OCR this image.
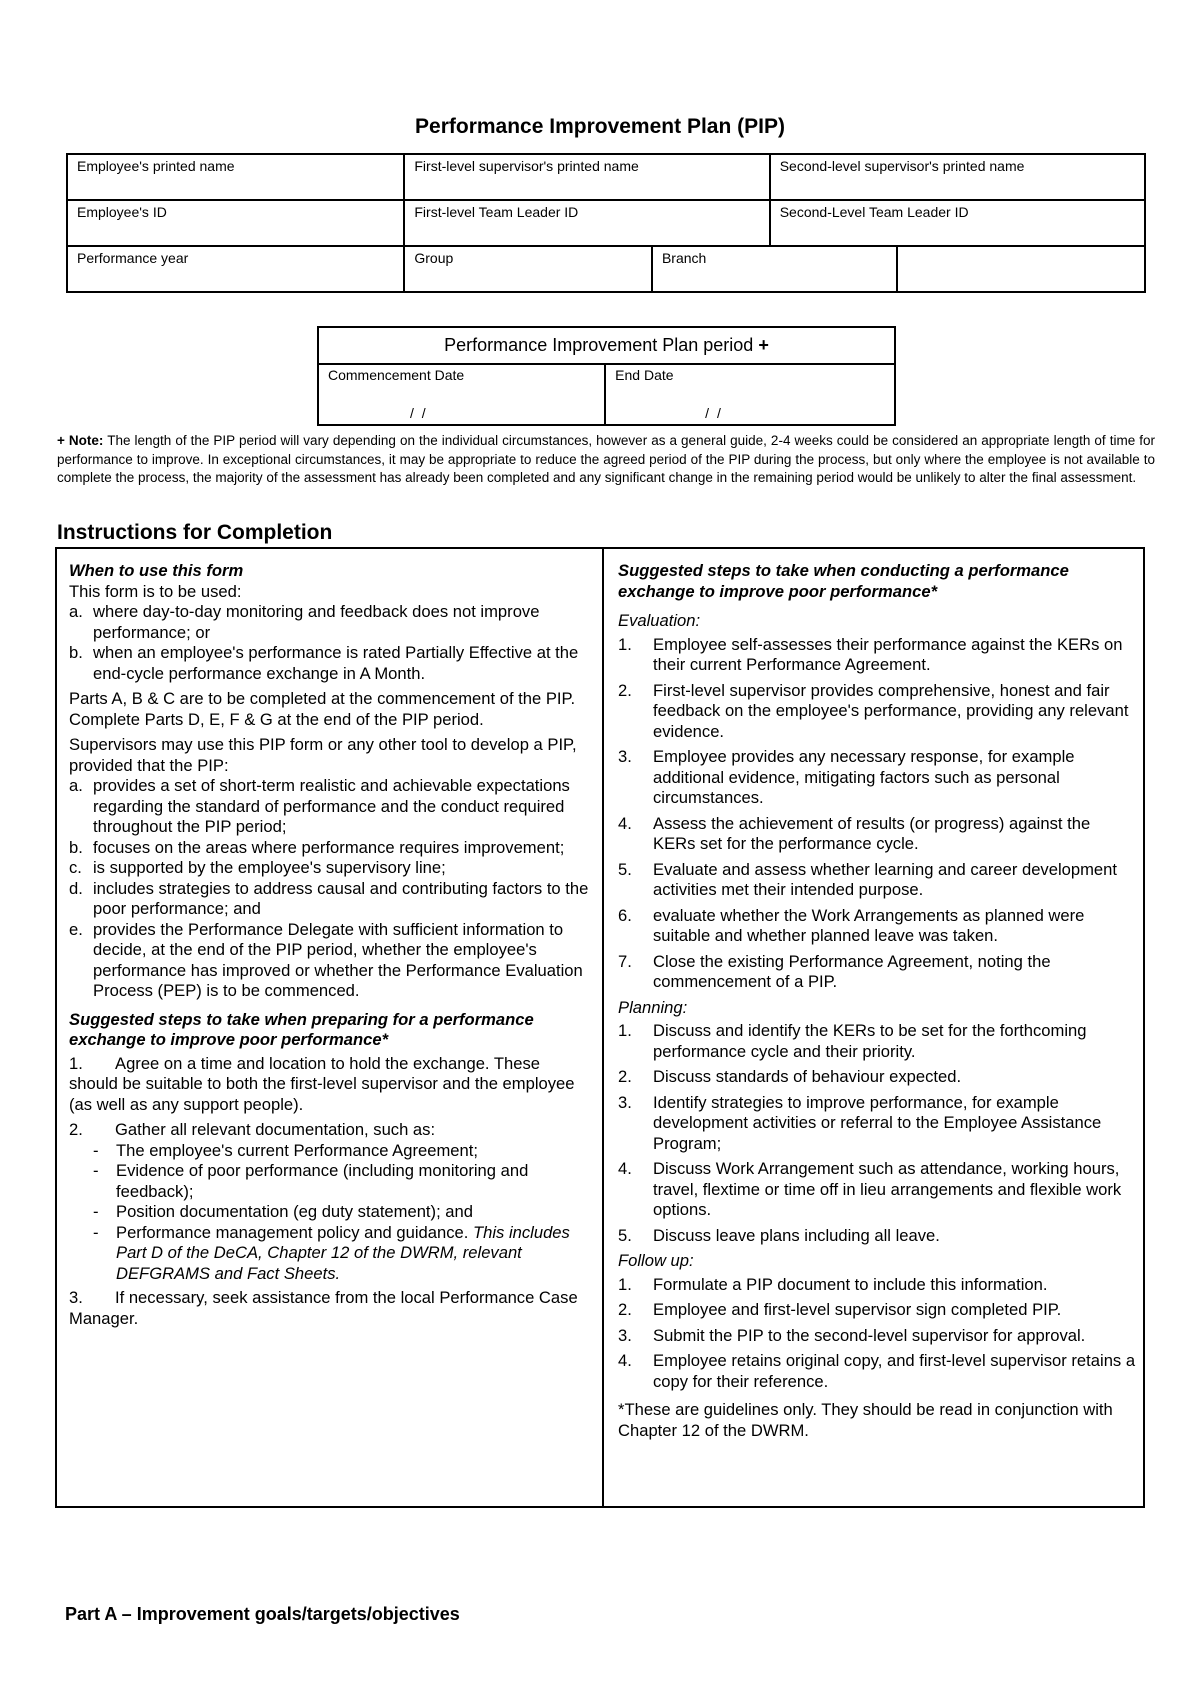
Performance Improvement Plan (PIP)
Employee's printed name	First-level supervisor's printed name		Second-level supervisor's printed name	
Employee's ID	First-level Team Leader ID		Second-Level Team Leader ID	
Performance year	Group	Branch		
Performance Improvement Plan period +
Commencement Date
/ /
	End Date
/ /
+ Note: The length of the PIP period will vary depending on the individual circumstances, however as a general guide, 2-4 weeks could be considered an appropriate length of time for performance to improve. In exceptional circumstances, it may be appropriate to reduce the agreed period of the PIP during the process, but only where the employee is not available to complete the process, the majority of the assessment has already been completed and any significant change in the remaining period would be unlikely to alter the final assessment.
Instructions for Completion
When to use this form
This form is to be used:
a. where day-to-day monitoring and feedback does not improve performance; or
b. when an employee's performance is rated Partially Effective at the end-cycle performance exchange in A Month.

Parts A, B & C are to be completed at the commencement of the PIP. Complete Parts D, E, F & G at the end of the PIP period.

Supervisors may use this PIP form or any other tool to develop a PIP, provided that the PIP:
a. provides a set of short-term realistic and achievable expectations regarding the standard of performance and the conduct required throughout the PIP period;
b. focuses on the areas where performance requires improvement;
c. is supported by the employee's supervisory line;
d. includes strategies to address causal and contributing factors to the poor performance; and
e. provides the Performance Delegate with sufficient information to decide, at the end of the PIP period, whether the employee's performance has improved or whether the Performance Evaluation Process (PEP) is to be commenced.
Suggested steps to take when preparing for a performance exchange to improve poor performance*

1. Agree on a time and location to hold the exchange. These should be suitable to both the first-level supervisor and the employee (as well as any support people).

2. Gather all relevant documentation, such as:

- The employee's current Performance Agreement;
- Evidence of poor performance (including monitoring and feedback);
- Position documentation (eg duty statement); and
- Performance management policy and guidance. This includes Part D of the DeCA, Chapter 12 of the DWRM, relevant DEFGRAMS and Fact Sheets.

3. If necessary, seek assistance from the local Performance Case Manager.

Suggested steps to take when conducting a performance exchange to improve poor performance*
Evaluation:
1. Employee self-assesses their performance against the KERs on their current Performance Agreement.
2. First-level supervisor provides comprehensive, honest and fair feedback on the employee's performance, providing any relevant evidence.
3. Employee provides any necessary response, for example additional evidence, mitigating factors such as personal circumstances.
4. Assess the achievement of results (or progress) against the KERs set for the performance cycle.
5. Evaluate and assess whether learning and career development activities met their intended purpose.
6. evaluate whether the Work Arrangements as planned were suitable and whether planned leave was taken.
7. Close the existing Performance Agreement, noting the commencement of a PIP.
Planning:
1. Discuss and identify the KERs to be set for the forthcoming performance cycle and their priority.
2. Discuss standards of behaviour expected.
3. Identify strategies to improve performance, for example development activities or referral to the Employee Assistance Program;
4. Discuss Work Arrangement such as attendance, working hours, travel, flextime or time off in lieu arrangements and flexible work options.
5. Discuss leave plans including all leave.
Follow up:
1. Formulate a PIP document to include this information.
2. Employee and first-level supervisor sign completed PIP.
3. Submit the PIP to the second-level supervisor for approval.
4. Employee retains original copy, and first-level supervisor retains a copy for their reference.
*These are guidelines only. They should be read in conjunction with Chapter 12 of the DWRM.
Part A – Improvement goals/targets/objectives
